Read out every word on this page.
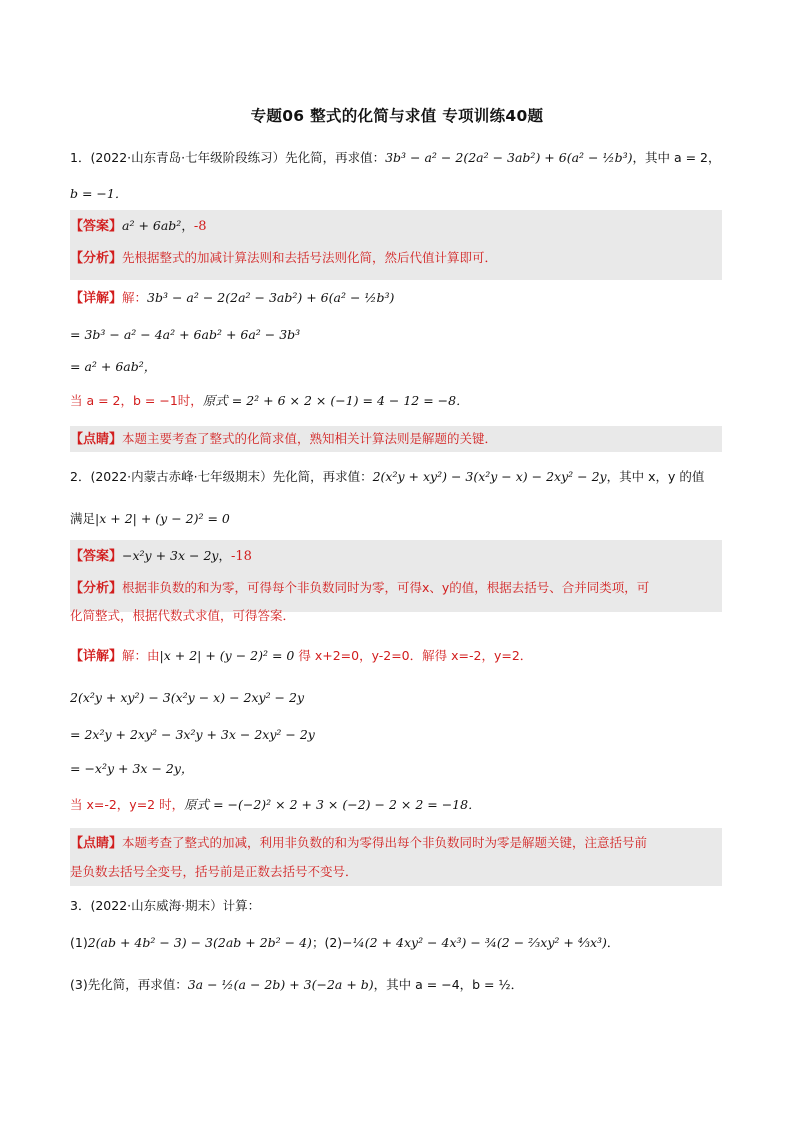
专题06 整式的化简与求值 专项训练40题
1．(2022·山东青岛·七年级阶段练习）先化简，再求值：3b³ − a² − 2(2a² − 3ab²) + 6(a² − ½b³)，其中 a = 2，
b = −1．
【答案】a² + 6ab²，-8
【分析】先根据整式的加减计算法则和去括号法则化简，然后代值计算即可．
【详解】解：3b³ − a² − 2(2a² − 3ab²) + 6(a² − ½b³)
= 3b³ − a² − 4a² + 6ab² + 6a² − 3b³
= a² + 6ab²，
当 a = 2，b = −1时，原式 = 2² + 6 × 2 × (−1) = 4 − 12 = −8．
【点睛】本题主要考查了整式的化简求值，熟知相关计算法则是解题的关键．
2．(2022·内蒙古赤峰·七年级期末）先化简，再求值：2(x²y + xy²) − 3(x²y − x) − 2xy² − 2y，其中 x，y 的值
满足|x + 2| + (y − 2)² = 0
【答案】−x²y + 3x − 2y，-18
【分析】根据非负数的和为零，可得每个非负数同时为零，可得x、y的值，根据去括号、合并同类项，可
化简整式，根据代数式求值，可得答案．
【详解】解：由|x + 2| + (y − 2)² = 0 得 x+2=0，y-2=0．解得 x=-2，y=2．
2(x²y + xy²) − 3(x²y − x) − 2xy² − 2y
= 2x²y + 2xy² − 3x²y + 3x − 2xy² − 2y
= −x²y + 3x − 2y，
当 x=-2，y=2 时，原式 = −(−2)² × 2 + 3 × (−2) − 2 × 2 = −18．
【点睛】本题考查了整式的加减，利用非负数的和为零得出每个非负数同时为零是解题关键，注意括号前
是负数去括号全变号，括号前是正数去括号不变号．
3．(2022·山东威海·期末）计算：
(1)2(ab + 4b² − 3) − 3(2ab + 2b² − 4)；(2)−¼(2 + 4xy² − 4x³) − ¾(2 − ⅔xy² + ⁴⁄₃x³)．
(3)先化简，再求值：3a − ½(a − 2b) + 3(−2a + b)，其中 a = −4，b = ½．
